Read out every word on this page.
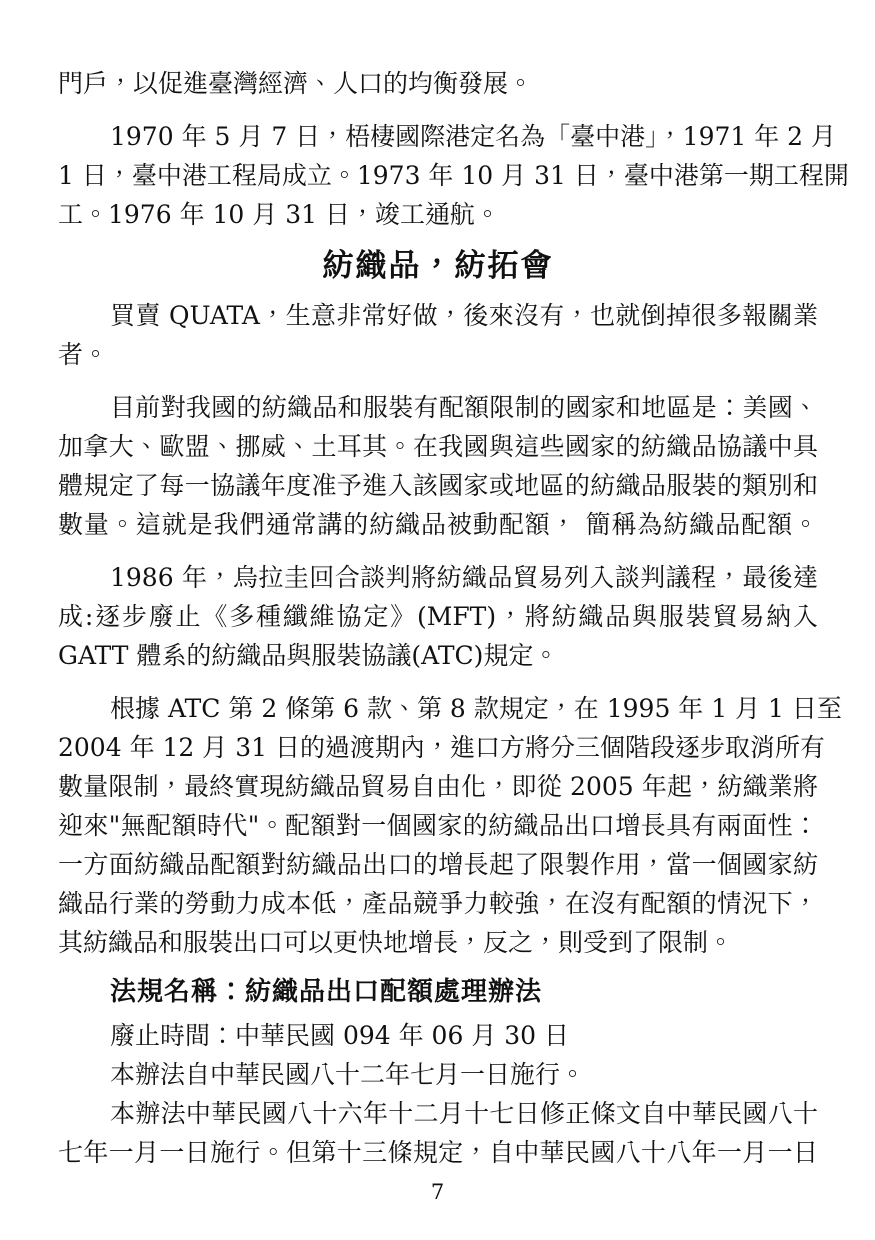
門戶，以促進臺灣經濟、人口的均衡發展。
1970 年 5 月 7 日，梧棲國際港定名為「臺中港」，1971 年 2 月
1 日，臺中港工程局成立。1973 年 10 月 31 日，臺中港第一期工程開
工。1976 年 10 月 31 日，竣工通航。
紡織品，紡拓會
買賣 QUATA，生意非常好做，後來沒有，也就倒掉很多報關業
者。
目前對我國的紡織品和服裝有配額限制的國家和地區是：美國、
加拿大、歐盟、挪威、土耳其。在我國與這些國家的紡織品協議中具
體規定了每一協議年度准予進入該國家或地區的紡織品服裝的類別和
數量。這就是我們通常講的紡織品被動配額， 簡稱為紡織品配額。
1986 年，烏拉圭回合談判將紡織品貿易列入談判議程，最後達
成:逐步廢止《多種纖維協定》(MFT)，將紡織品與服裝貿易納入
GATT 體系的紡織品與服裝協議(ATC)規定。
根據 ATC 第 2 條第 6 款、第 8 款規定，在 1995 年 1 月 1 日至
2004 年 12 月 31 日的過渡期內，進口方將分三個階段逐步取消所有
數量限制，最終實現紡織品貿易自由化，即從 2005 年起，紡織業將
迎來"無配額時代"。配額對一個國家的紡織品出口增長具有兩面性：
一方面紡織品配額對紡織品出口的增長起了限製作用，當一個國家紡
織品行業的勞動力成本低，產品競爭力較強，在沒有配額的情況下，
其紡織品和服裝出口可以更快地增長，反之，則受到了限制。
法規名稱：紡織品出口配額處理辦法
廢止時間：中華民國 094 年 06 月 30 日
本辦法自中華民國八十二年七月一日施行。
本辦法中華民國八十六年十二月十七日修正條文自中華民國八十
七年一月一日施行。但第十三條規定，自中華民國八十八年一月一日
7
